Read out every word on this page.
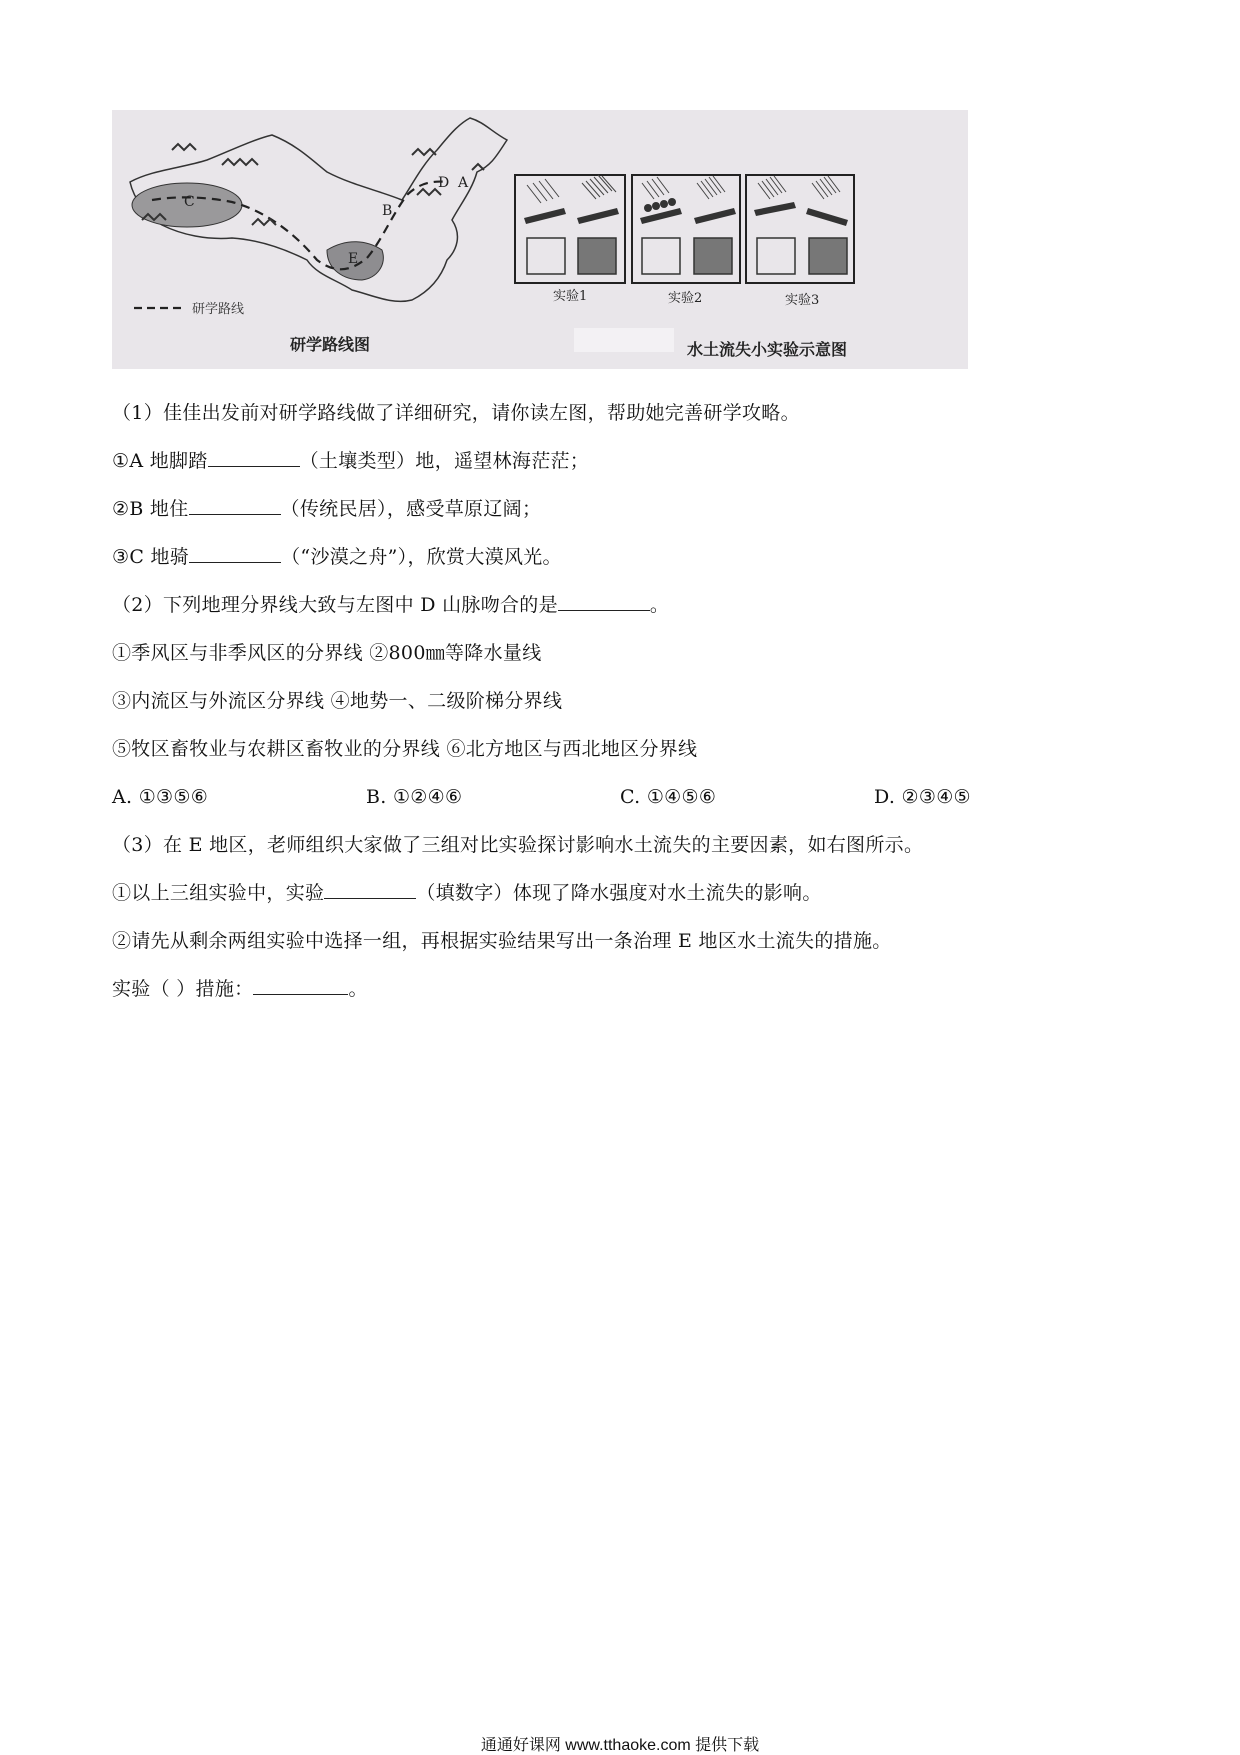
D A
B
C
E
研学路线
研学路线图
实验1	实验2	实验3
水土流失小实验示意图
（1）佳佳出发前对研学路线做了详细研究，请你读左图，帮助她完善研学攻略。
①A 地脚踏	（土壤类型）地，遥望林海茫茫；
②B 地住	（传统民居），感受草原辽阔；
③C 地骑	（“沙漠之舟”），欣赏大漠风光。
（2）下列地理分界线大致与左图中 D 山脉吻合的是	。
①季风区与非季风区的分界线 ②800㎜等降水量线
③内流区与外流区分界线 ④地势一、二级阶梯分界线
⑤牧区畜牧业与农耕区畜牧业的分界线 ⑥北方地区与西北地区分界线
A. ①③⑤⑥	B. ①②④⑥	C. ①④⑤⑥	D. ②③④⑤
（3）在 E 地区，老师组织大家做了三组对比实验探讨影响水土流失的主要因素，如右图所示。
①以上三组实验中，实验	（填数字）体现了降水强度对水土流失的影响。
②请先从剩余两组实验中选择一组，再根据实验结果写出一条治理 E 地区水土流失的措施。
实验（ ）措施：	。
通通好课网 www.tthaoke.com 提供下载
